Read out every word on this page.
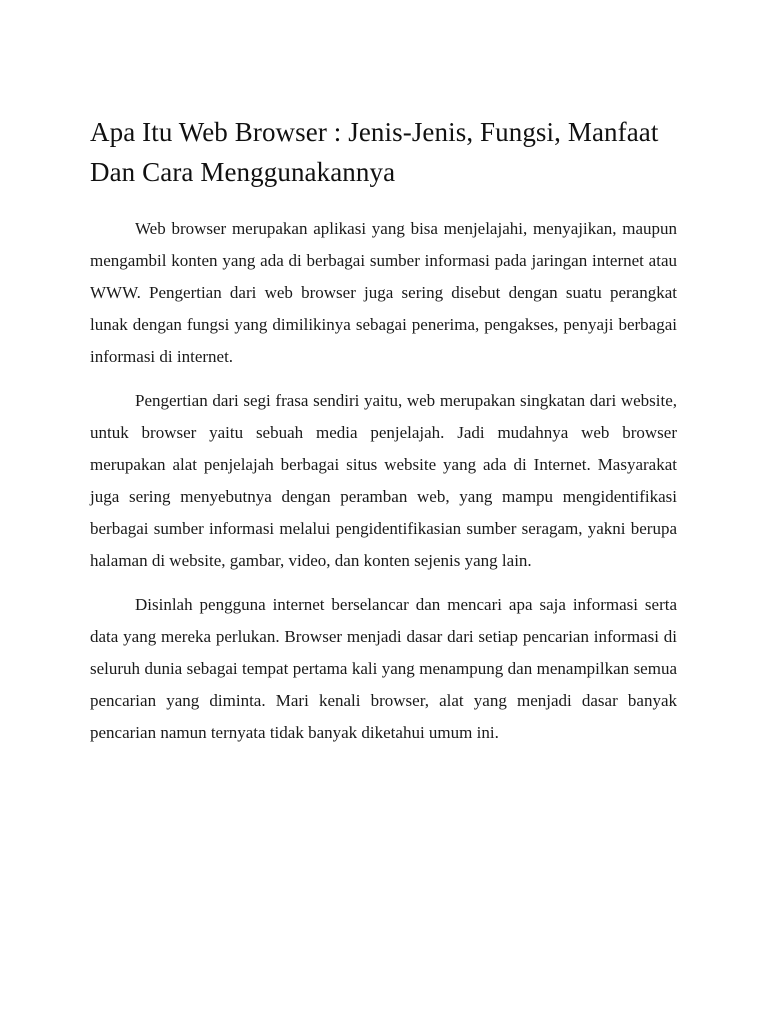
Apa Itu Web Browser : Jenis-Jenis, Fungsi, Manfaat Dan Cara Menggunakannya

Web browser merupakan aplikasi yang bisa menjelajahi, menyajikan, maupun mengambil konten yang ada di berbagai sumber informasi pada jaringan internet atau WWW. Pengertian dari web browser juga sering disebut dengan suatu perangkat lunak dengan fungsi yang dimilikinya sebagai penerima, pengakses, penyaji berbagai informasi di internet.

Pengertian dari segi frasa sendiri yaitu, web merupakan singkatan dari website, untuk browser yaitu sebuah media penjelajah. Jadi mudahnya web browser merupakan alat penjelajah berbagai situs website yang ada di Internet. Masyarakat juga sering menyebutnya dengan peramban web, yang mampu mengidentifikasi berbagai sumber informasi melalui pengidentifikasian sumber seragam, yakni berupa halaman di website, gambar, video, dan konten sejenis yang lain.

Disinlah pengguna internet berselancar dan mencari apa saja informasi serta data yang mereka perlukan. Browser menjadi dasar dari setiap pencarian informasi di seluruh dunia sebagai tempat pertama kali yang menampung dan menampilkan semua pencarian yang diminta. Mari kenali browser, alat yang menjadi dasar banyak pencarian namun ternyata tidak banyak diketahui umum ini.
